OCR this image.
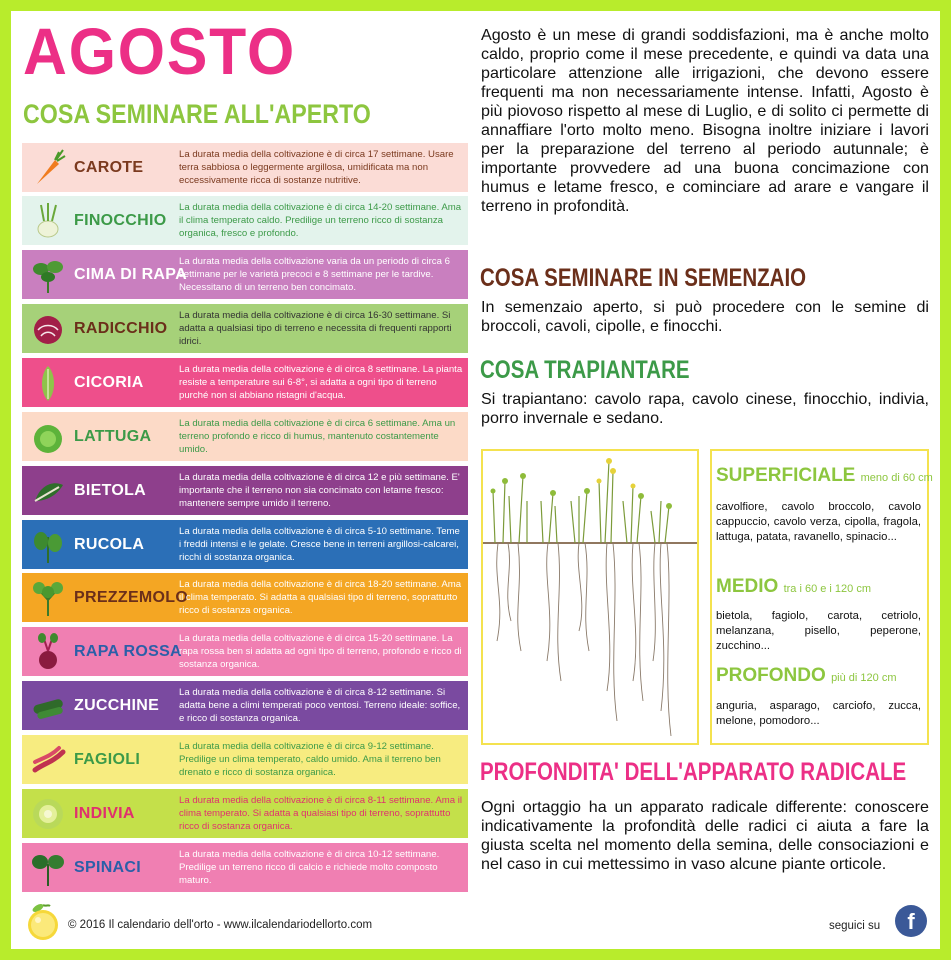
AGOSTO
COSA SEMINARE ALL'APERTO
CAROTE
La durata media della coltivazione è di circa 17 settimane. Usare terra sabbiosa o leggermente argillosa, umidificata ma non eccessivamente ricca di sostanze nutritive.
FINOCCHIO
La durata media della coltivazione è di circa 14-20 settimane. Ama il clima temperato caldo. Predilige un terreno ricco di sostanza organica, fresco e profondo.
CIMA DI RAPA
La durata media della coltivazione varia da un periodo di circa 6 settimane per le varietà precoci e 8 settimane per le tardive. Necessitano di un terreno ben concimato.
RADICCHIO
La durata media della coltivazione è di circa 16-30 settimane. Si adatta a qualsiasi tipo di terreno e necessita di frequenti rapporti idrici.
CICORIA
La durata media della coltivazione è di circa 8 settimane. La pianta resiste a temperature sui 6-8°, si adatta a ogni tipo di terreno purché non si abbiano ristagni d'acqua.
LATTUGA
La durata media della coltivazione è di circa 6 settimane. Ama un terreno profondo e ricco di humus, mantenuto costantemente umido.
BIETOLA
La durata media della coltivazione è di circa 12 e più settimane. E' importante che il terreno non sia concimato con letame fresco: mantenere sempre umido il terreno.
RUCOLA
La durata media della coltivazione è di circa 5-10 settimane. Teme i freddi intensi e le gelate. Cresce bene in terreni argillosi-calcarei, ricchi di sostanza organica.
PREZZEMOLO
La durata media della coltivazione è di circa 18-20 settimane. Ama il clima temperato. Si adatta a qualsiasi tipo di terreno, soprattutto ricco di sostanza organica.
RAPA ROSSA
La durata media della coltivazione è di circa 15-20 settimane. La rapa rossa ben si adatta ad ogni tipo di terreno, profondo e ricco di sostanza organica.
ZUCCHINE
La durata media della coltivazione è di circa 8-12 settimane. Si adatta bene a climi temperati poco ventosi. Terreno ideale: soffice, e ricco di sostanza organica.
FAGIOLI
La durata media della coltivazione è di circa 9-12 settimane. Predilige un clima temperato, caldo umido. Ama il terreno ben drenato e ricco di sostanza organica.
INDIVIA
La durata media della coltivazione è di circa 8-11 settimane. Ama il clima temperato. Si adatta a qualsiasi tipo di terreno, soprattutto ricco di sostanza organica.
SPINACI
La durata media della coltivazione è di circa 10-12 settimane. Predilige un terreno ricco di calcio e richiede molto composto maturo.
© 2016 Il calendario dell'orto - www.ilcalendariodellorto.com
Agosto è un mese di grandi soddisfazioni, ma è anche molto caldo, proprio come il mese precedente, e quindi va data una particolare attenzione alle irrigazioni, che devono essere frequenti ma non necessariamente intense. Infatti, Agosto è più piovoso rispetto al mese di Luglio, e di solito ci permette di annaffiare l'orto molto meno. Bisogna inoltre iniziare i lavori per la preparazione del terreno al periodo autunnale; è importante provvedere ad una buona concimazione con humus e letame fresco, e cominciare ad arare e vangare il terreno in profondità.
COSA SEMINARE IN SEMENZAIO
In semenzaio aperto, si può procedere con le semine di broccoli, cavoli, cipolle, e finocchi.
COSA TRAPIANTARE
Si trapiantano: cavolo rapa, cavolo cinese, finocchio, indivia, porro invernale e sedano.
SUPERFICIALE meno di 60 cm
cavolfiore, cavolo broccolo, cavolo cappuccio, cavolo verza, cipolla, fragola, lattuga, patata, ravanello, spinacio...
MEDIO tra i 60 e i 120 cm
bietola, fagiolo, carota, cetriolo, melanzana, pisello, peperone, zucchino...
PROFONDO più di 120 cm
anguria, asparago, carciofo, zucca, melone, pomodoro...
PROFONDITA' DELL'APPARATO RADICALE
Ogni ortaggio ha un apparato radicale differente: conoscere indicativamente la profondità delle radici ci aiuta a fare la giusta scelta nel momento della semina, delle consociazioni e nel caso in cui mettessimo in vaso alcune piante orticole.
seguici su	f
